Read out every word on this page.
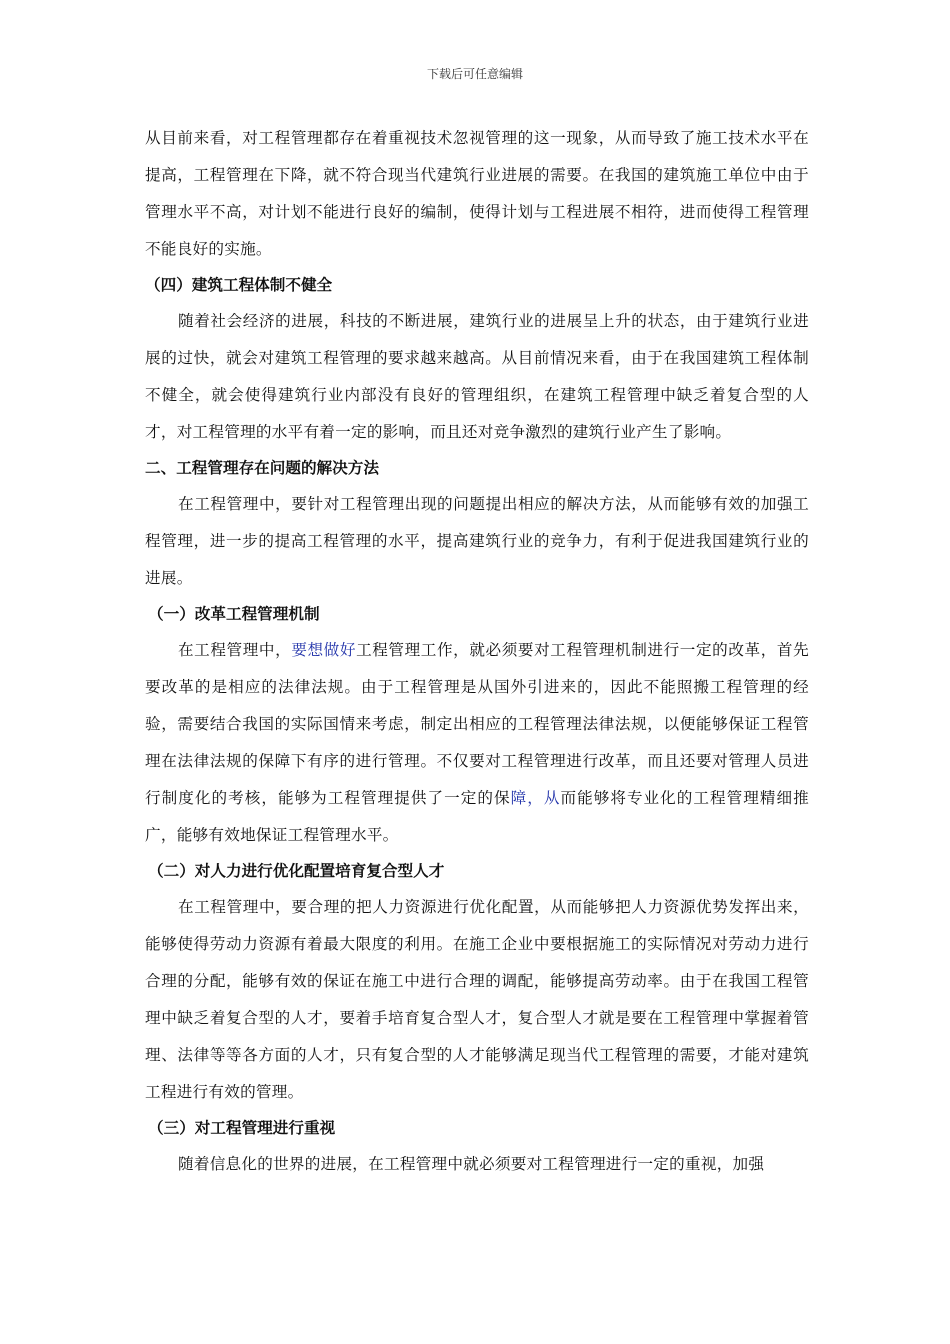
下载后可任意编辑

从目前来看，对工程管理都存在着重视技术忽视管理的这一现象，从而导致了施工技术水平在提高，工程管理在下降，就不符合现当代建筑行业进展的需要。在我国的建筑施工单位中由于管理水平不高，对计划不能进行良好的编制，使得计划与工程进展不相符，进而使得工程管理不能良好的实施。

（四）建筑工程体制不健全

随着社会经济的进展，科技的不断进展，建筑行业的进展呈上升的状态，由于建筑行业进展的过快，就会对建筑工程管理的要求越来越高。从目前情况来看，由于在我国建筑工程体制不健全，就会使得建筑行业内部没有良好的管理组织，在建筑工程管理中缺乏着复合型的人才，对工程管理的水平有着一定的影响，而且还对竞争激烈的建筑行业产生了影响。

二、工程管理存在问题的解决方法

在工程管理中，要针对工程管理出现的问题提出相应的解决方法，从而能够有效的加强工程管理，进一步的提高工程管理的水平，提高建筑行业的竞争力，有利于促进我国建筑行业的进展。

（一）改革工程管理机制

在工程管理中，要想做好工程管理工作，就必须要对工程管理机制进行一定的改革，首先要改革的是相应的法律法规。由于工程管理是从国外引进来的，因此不能照搬工程管理的经验，需要结合我国的实际国情来考虑，制定出相应的工程管理法律法规，以便能够保证工程管理在法律法规的保障下有序的进行管理。不仅要对工程管理进行改革，而且还要对管理人员进行制度化的考核，能够为工程管理提供了一定的保障，从而能够将专业化的工程管理精细推广，能够有效地保证工程管理水平。

（二）对人力进行优化配置培育复合型人才

在工程管理中，要合理的把人力资源进行优化配置，从而能够把人力资源优势发挥出来，能够使得劳动力资源有着最大限度的利用。在施工企业中要根据施工的实际情况对劳动力进行合理的分配，能够有效的保证在施工中进行合理的调配，能够提高劳动率。由于在我国工程管理中缺乏着复合型的人才，要着手培育复合型人才，复合型人才就是要在工程管理中掌握着管理、法律等等各方面的人才，只有复合型的人才能够满足现当代工程管理的需要，才能对建筑工程进行有效的管理。

（三）对工程管理进行重视

随着信息化的世界的进展，在工程管理中就必须要对工程管理进行一定的重视，加强
